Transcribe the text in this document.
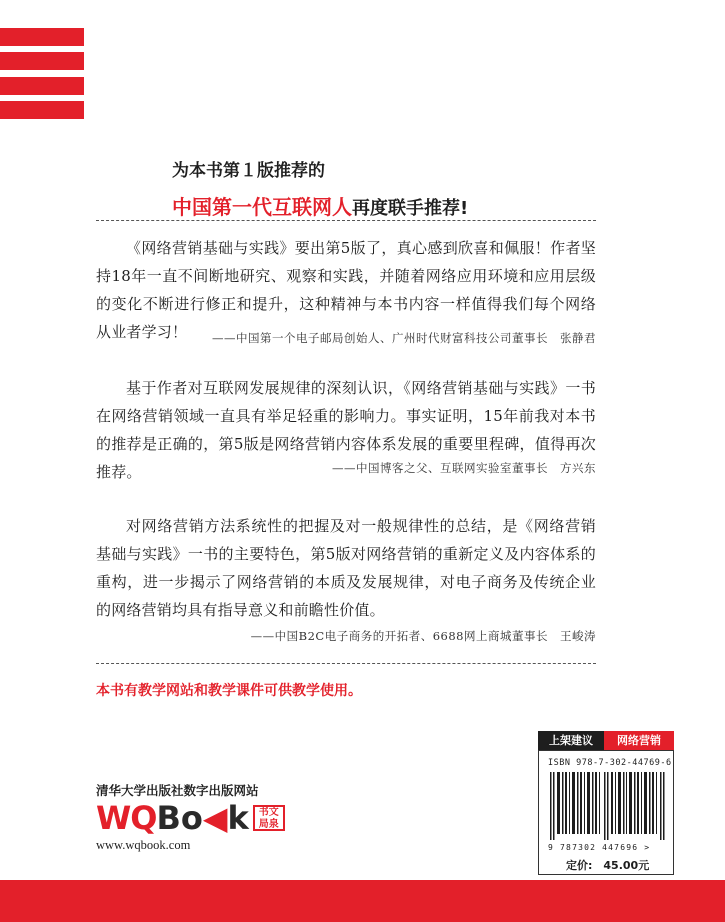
为本书第１版推荐的
中国第一代互联网人再度联手推荐!
《网络营销基础与实践》要出第5版了，真心感到欣喜和佩服！作者坚持18年一直不间断地研究、观察和实践，并随着网络应用环境和应用层级的变化不断进行修正和提升，这种精神与本书内容一样值得我们每个网络从业者学习！	——中国第一个电子邮局创始人、广州时代财富科技公司董事长　张静君
基于作者对互联网发展规律的深刻认识，《网络营销基础与实践》一书在网络营销领域一直具有举足轻重的影响力。事实证明，15年前我对本书的推荐是正确的，第5版是网络营销内容体系发展的重要里程碑，值得再次推荐。	——中国博客之父、互联网实验室董事长　方兴东
对网络营销方法系统性的把握及对一般规律性的总结，是《网络营销基础与实践》一书的主要特色，第5版对网络营销的重新定义及内容体系的重构，进一步揭示了网络营销的本质及发展规律，对电子商务及传统企业的网络营销均具有指导意义和前瞻性价值。
——中国B2C电子商务的开拓者、6688网上商城董事长　王峻涛
本书有教学网站和教学课件可供教学使用。
清华大学出版社数字出版网站
WQ Bo◀k	书文
局泉
www.wqbook.com
上架建议	网络营销
ISBN 978-7-302-44769-6
9 787302 447696 >
定价:　45.00元
